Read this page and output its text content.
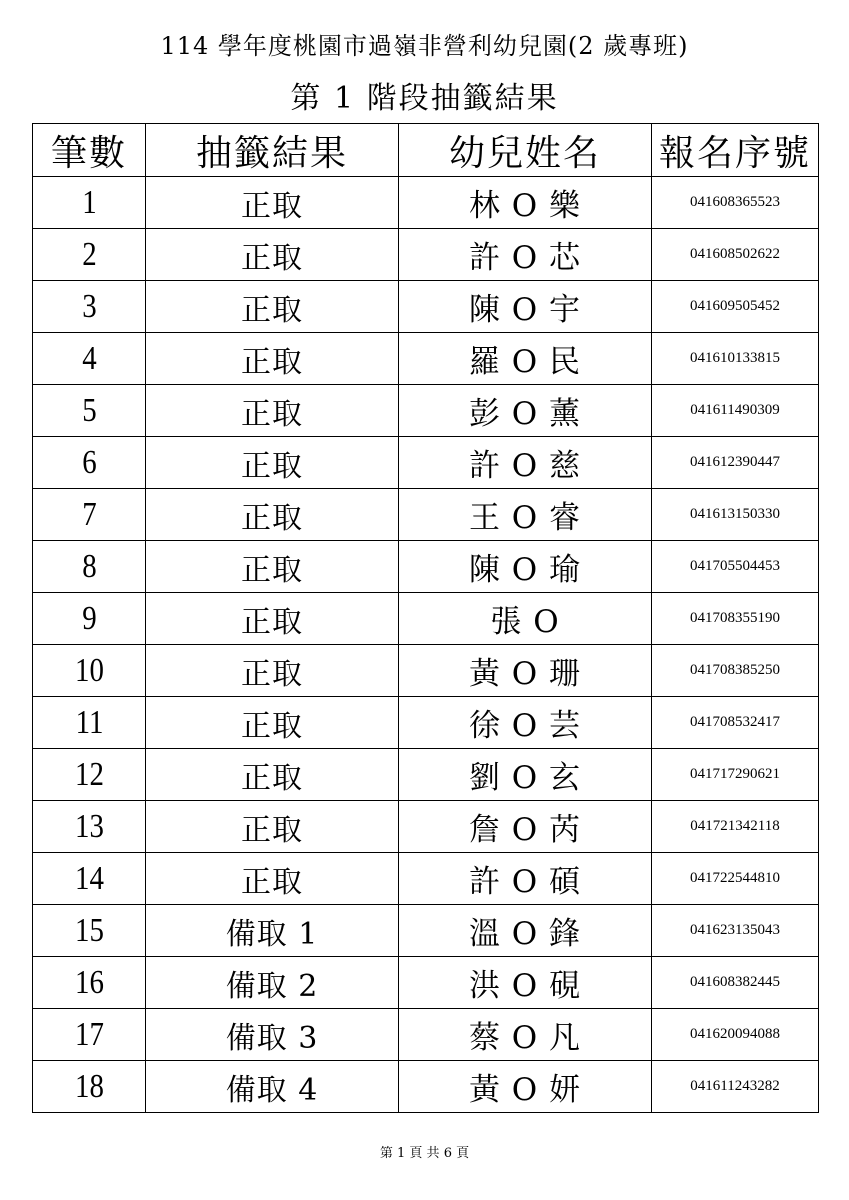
114 學年度桃園市過嶺非營利幼兒園(2 歲專班)
第 1 階段抽籤結果
筆數	抽籤結果	幼兒姓名	報名序號
1	正取	林 O 樂	041608365523
2	正取	許 O 芯	041608502622
3	正取	陳 O 宇	041609505452
4	正取	羅 O 民	041610133815
5	正取	彭 O 薰	041611490309
6	正取	許 O 慈	041612390447
7	正取	王 O 睿	041613150330
8	正取	陳 O 瑜	041705504453
9	正取	張 O	041708355190
10	正取	黃 O 珊	041708385250
11	正取	徐 O 芸	041708532417
12	正取	劉 O 玄	041717290621
13	正取	詹 O 芮	041721342118
14	正取	許 O 碩	041722544810
15	備取 1	溫 O 鋒	041623135043
16	備取 2	洪 O 硯	041608382445
17	備取 3	蔡 O 凡	041620094088
18	備取 4	黃 O 妍	041611243282
第 1 頁 共 6 頁
